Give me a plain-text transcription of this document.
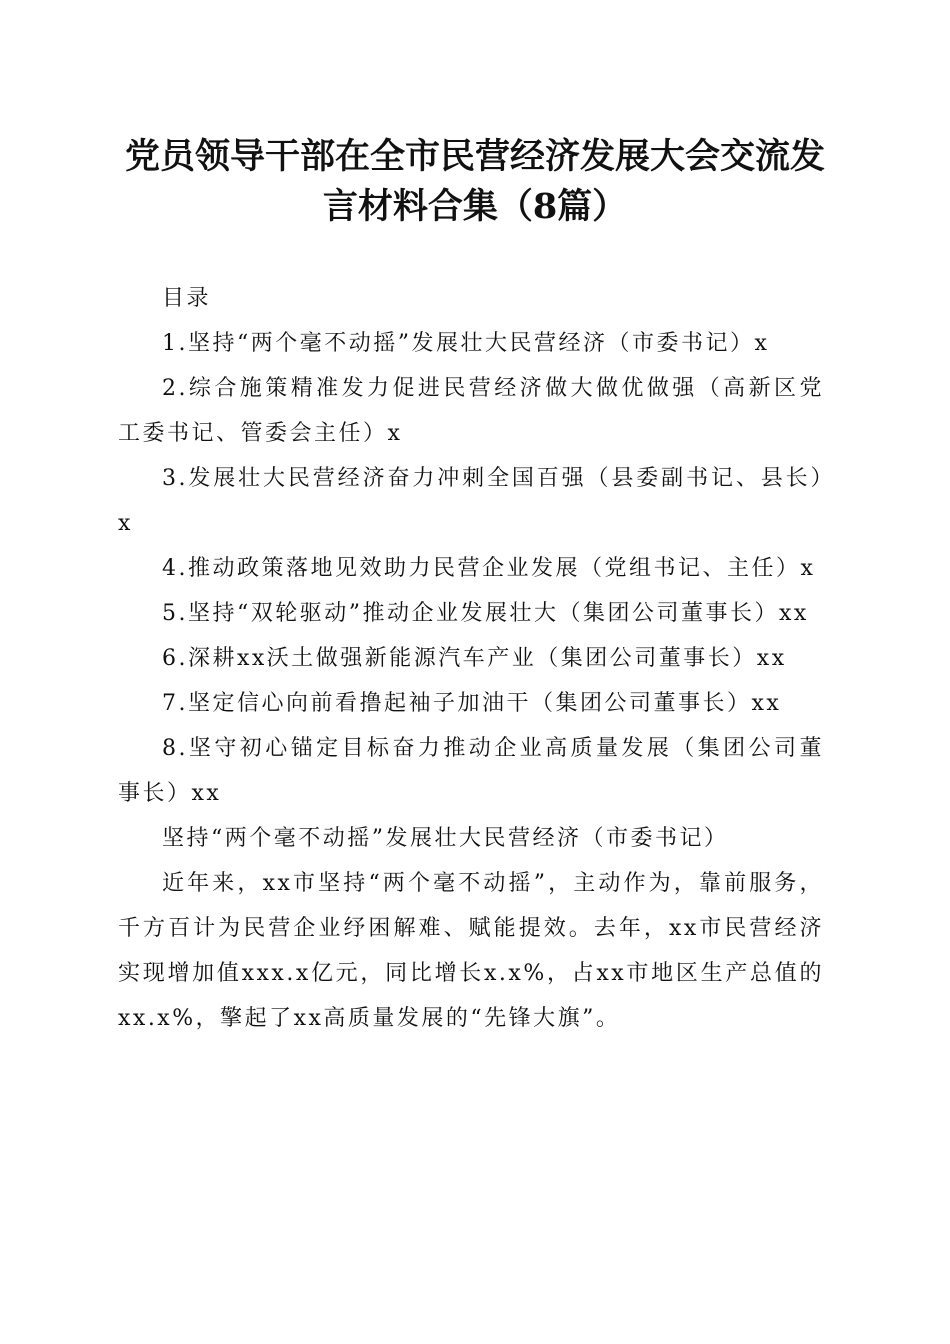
党员领导干部在全市民营经济发展大会交流发
言材料合集（8篇）

目录

1.坚持“两个毫不动摇”发展壮大民营经济（市委书记）x

2.综合施策精准发力促进民营经济做大做优做强（高新区党工委书记、管委会主任）x

3.发展壮大民营经济奋力冲刺全国百强（县委副书记、县长）x

4.推动政策落地见效助力民营企业发展（党组书记、主任）x

5.坚持“双轮驱动”推动企业发展壮大（集团公司董事长）xx

6.深耕xx沃土做强新能源汽车产业（集团公司董事长）xx

7.坚定信心向前看撸起袖子加油干（集团公司董事长）xx

8.坚守初心锚定目标奋力推动企业高质量发展（集团公司董事长）xx

坚持“两个毫不动摇”发展壮大民营经济（市委书记）

近年来，xx市坚持“两个毫不动摇”，主动作为，靠前服务，千方百计为民营企业纾困解难、赋能提效。去年，xx市民营经济实现增加值xxx.x亿元，同比增长x.x%，占xx市地区生产总值的xx.x%，擎起了xx高质量发展的“先锋大旗”。
